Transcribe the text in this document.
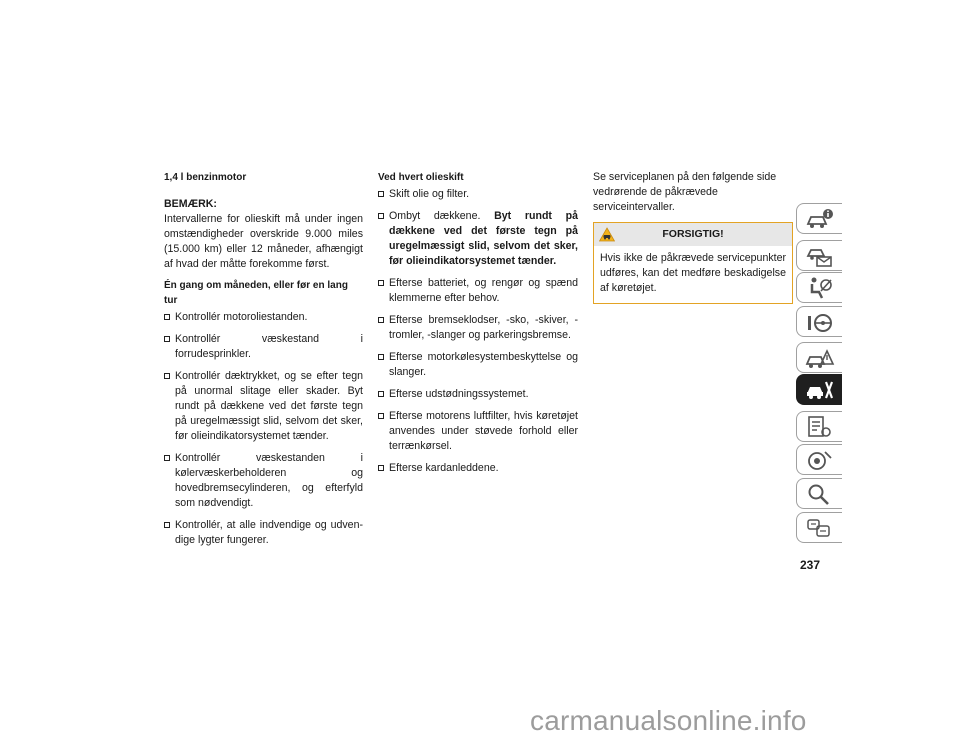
1,4 l benzinmotor

BEMÆRK:

Intervallerne for olieskift må under ingen omstændigheder overskride 9.000 miles (15.000 km) eller 12 måneder, afhængigt af hvad der måtte forekomme først.

Én gang om måneden, eller før en lang tur

Kontrollér motoroliestanden.
Kontrollér væskestand i forrudesprinkler.
Kontrollér dæktrykket, og se efter tegn på unormal slitage eller skader. Byt rundt på dækkene ved det første tegn på uregelmæssigt slid, selvom det sker, før olieindikatorsystemet tænder.
Kontrollér væskestanden i kølervæskerbeholderen og hovedbremsecylinderen, og efterfyld som nødvendigt.
Kontrollér, at alle indvendige og udvendige lygter fungerer.

Ved hvert olieskift

Skift olie og filter.
Ombyt dækkene. Byt rundt på dækkene ved det første tegn på uregelmæssigt slid, selvom det sker, før olieindikatorsystemet tænder.
Efterse batteriet, og rengør og spænd klemmerne efter behov.
Efterse bremseklodser, -sko, -skiver, -tromler, -slanger og parkeringsbremse.
Efterse motorkølesystembeskyttelse og slanger.
Efterse udstødningssystemet.
Efterse motorens luftfilter, hvis køretøjet anvendes under støvede forhold eller terrænkørsel.
Efterse kardanleddene.

Se serviceplanen på den følgende side vedrørende de påkrævede serviceintervaller.

FORSIGTIG!
Hvis ikke de påkrævede servicepunkter udføres, kan det medføre beskadigelse af køretøjet.
237
carmanualsonline.info
